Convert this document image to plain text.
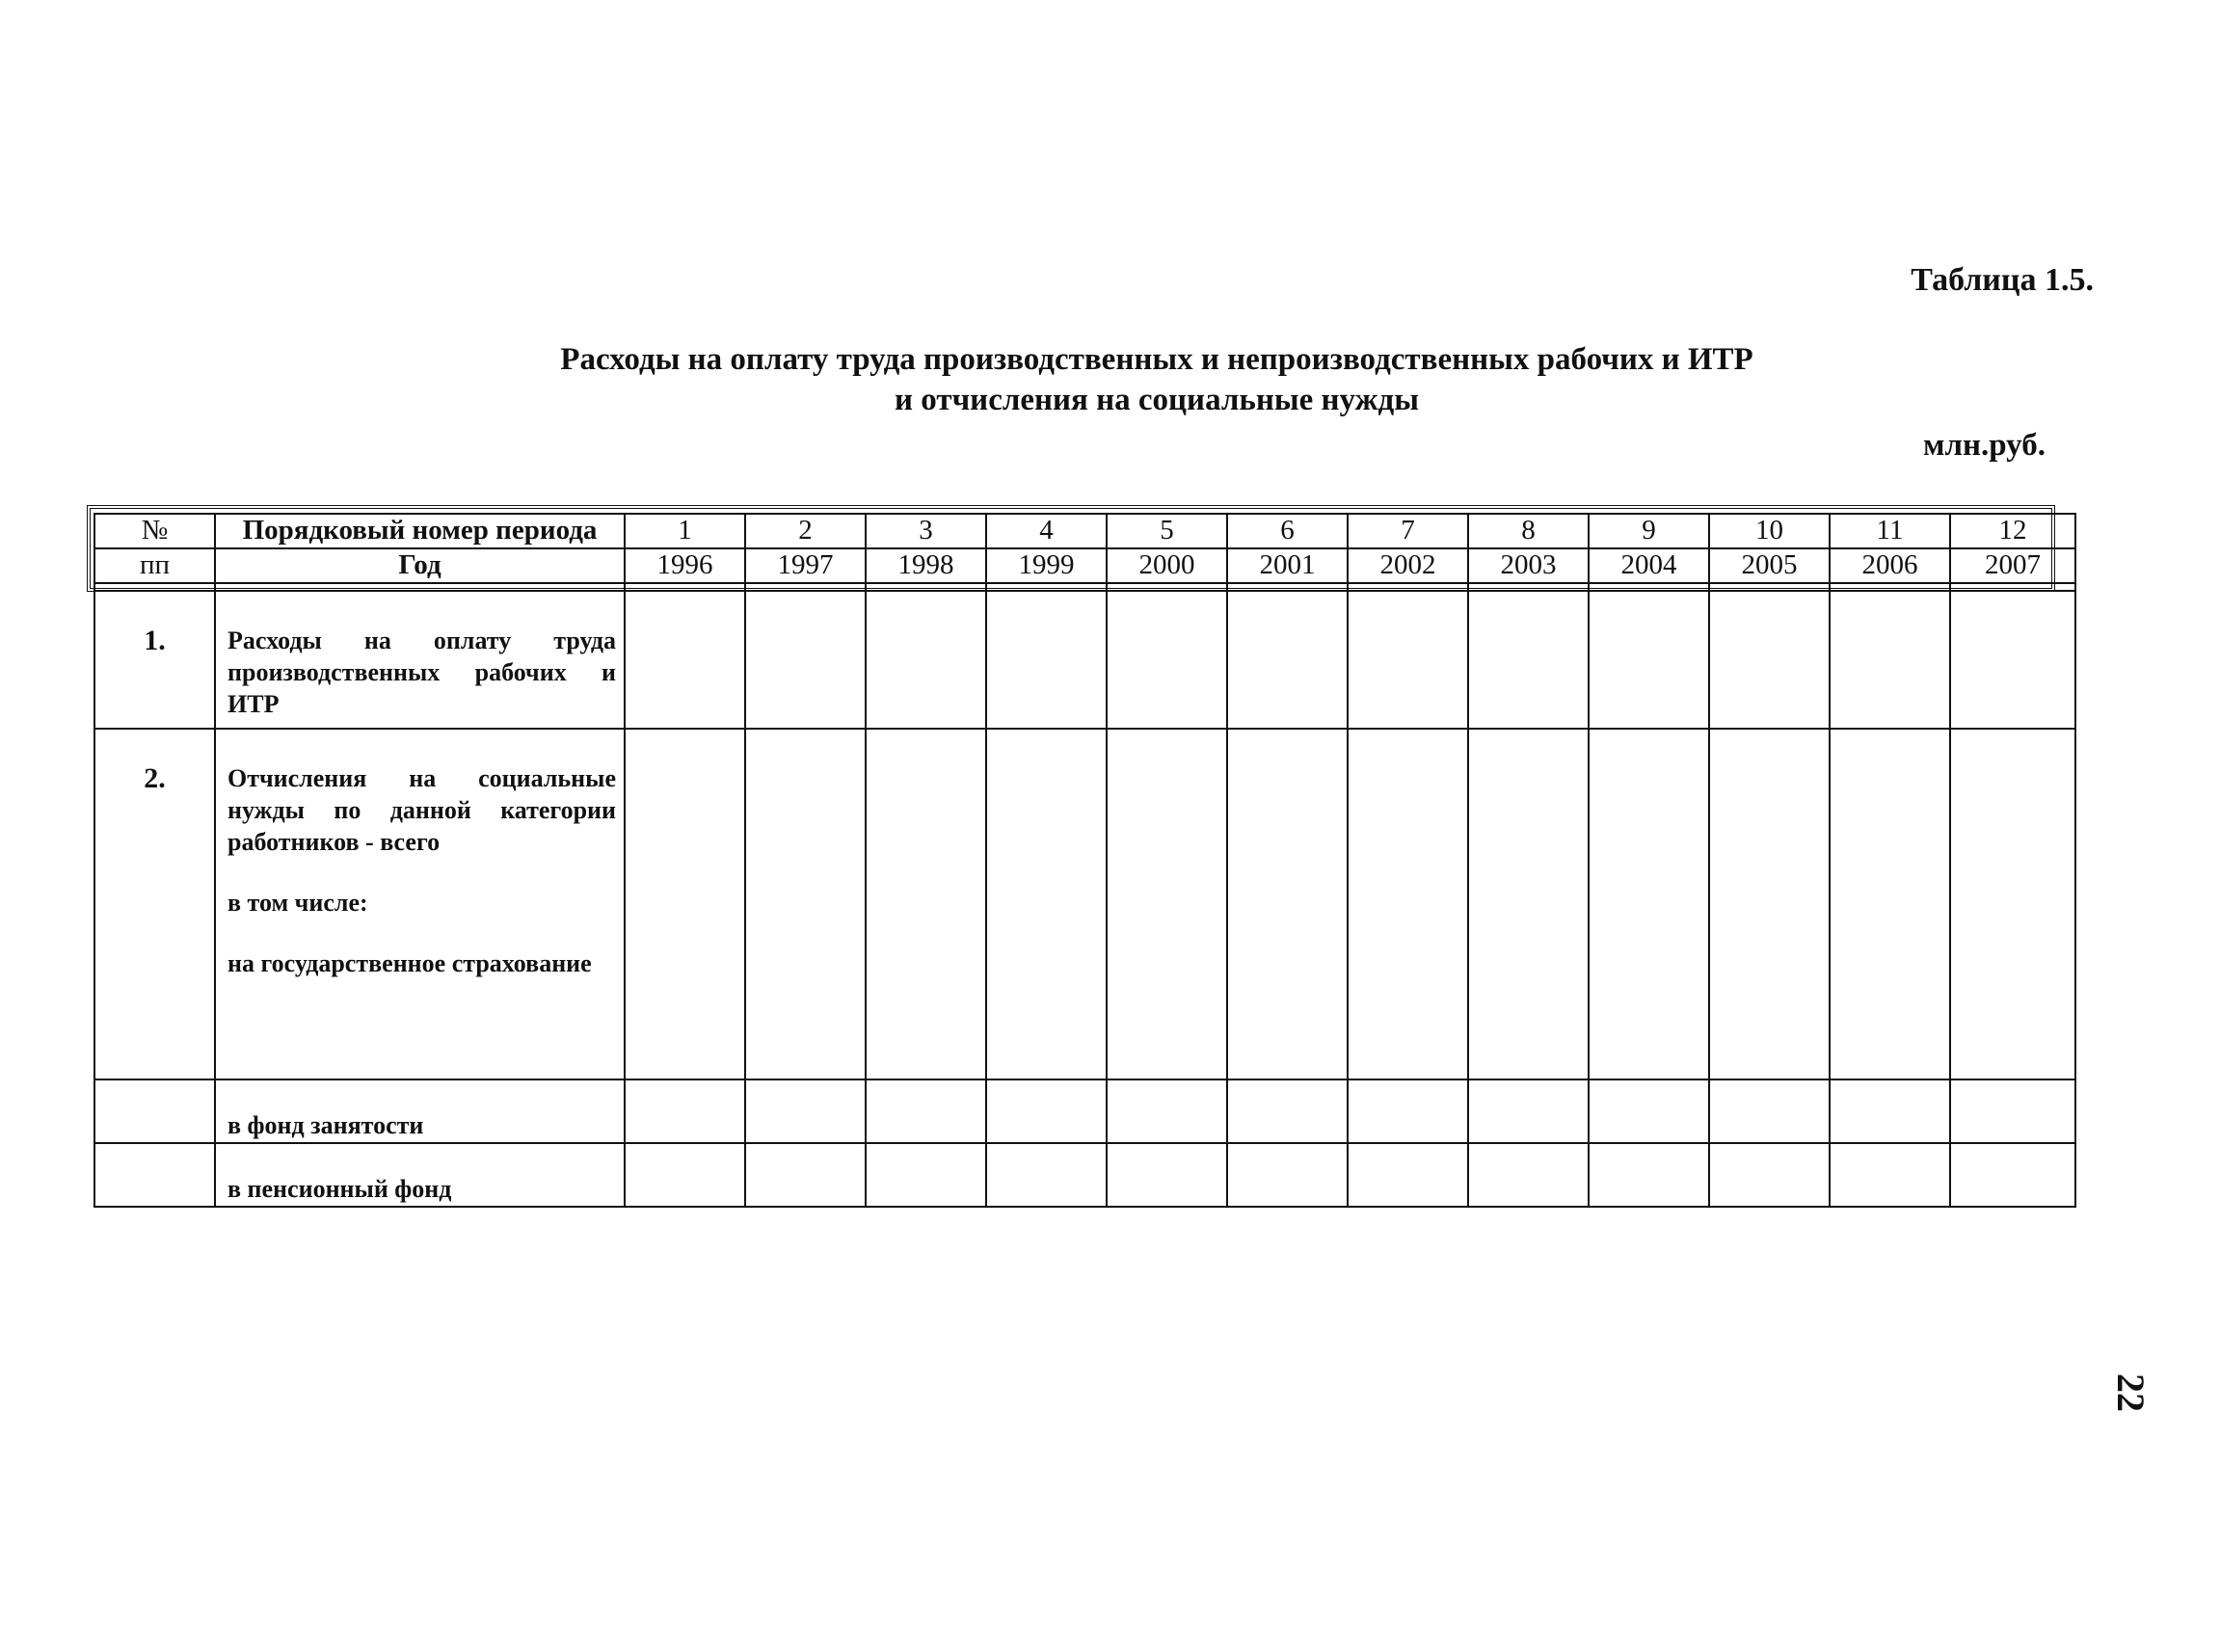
Таблица 1.5.
Расходы на оплату труда производственных и непроизводственных рабочих и ИТР
и отчисления на социальные нужды
млн.руб.
№	Порядковый номер периода	1	2	3	4	5	6	7	8	9	10	11	12
пп	Год	1996	1997	1998	1999	2000	2001	2002	2003	2004	2005	2006	2007

1.	Расходы на оплату труда производственных рабочих и ИТР												
2.	Отчисления на социальные нужды по данной категории работников - всего
в том числе:
на государственное страхование												

	в фонд занятости												
	в пенсионный фонд												
22
